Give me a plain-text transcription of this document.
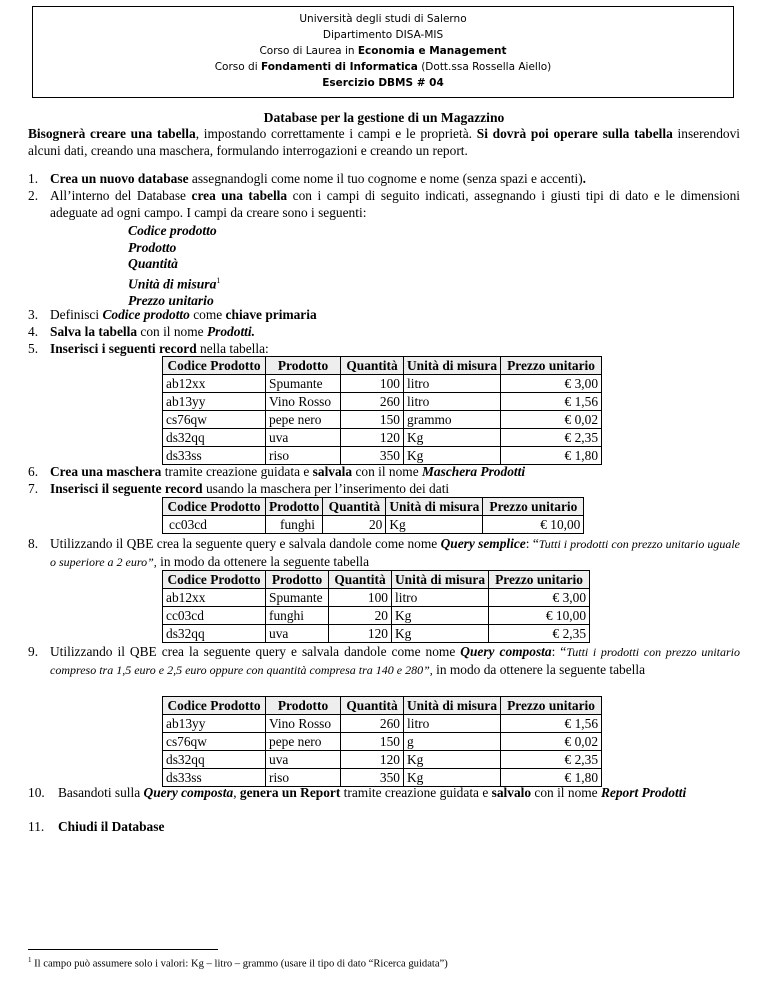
Università degli studi di Salerno
Dipartimento DISA-MIS
Corso di Laurea in Economia e Management
Corso di Fondamenti di Informatica (Dott.ssa Rossella Aiello)
Esercizio DBMS # 04
Database per la gestione di un Magazzino
Bisognerà creare una tabella, impostando correttamente i campi e le proprietà. Si dovrà poi operare sulla tabella inserendovi alcuni dati, creando una maschera, formulando interrogazioni e creando un report.
1. Crea un nuovo database assegnandogli come nome il tuo cognome e nome (senza spazi e accenti).
2. All’interno del Database crea una tabella con i campi di seguito indicati, assegnando i giusti tipi di dato e le dimensioni adeguate ad ogni campo. I campi da creare sono i seguenti:
Codice prodotto
Prodotto
Quantità
Unità di misura$^1$
Prezzo unitario
3. Definisci Codice prodotto come chiave primaria
4. Salva la tabella con il nome Prodotti.
5. Inserisci i seguenti record nella tabella:
Codice Prodotto	Prodotto	Quantità	Unità di misura	Prezzo unitario
ab12xx	Spumante	100	litro	€ 3,00
ab13yy	Vino Rosso	260	litro	€ 1,56
cs76qw	pepe nero	150	grammo	€ 0,02
ds32qq	uva	120	Kg	€ 2,35
ds33ss	riso	350	Kg	€ 1,80
6. Crea una maschera tramite creazione guidata e salvala con il nome Maschera Prodotti
7. Inserisci il seguente record usando la maschera per l’inserimento dei dati
Codice Prodotto	Prodotto	Quantità	Unità di misura	Prezzo unitario
cc03cd	funghi	20	Kg	€ 10,00
8. Utilizzando il QBE crea la seguente query e salvala dandole come nome Query semplice: “Tutti i prodotti con prezzo unitario uguale o superiore a 2 euro”, in modo da ottenere la seguente tabella
Codice Prodotto	Prodotto	Quantità	Unità di misura	Prezzo unitario
ab12xx	Spumante	100	litro	€ 3,00
cc03cd	funghi	20	Kg	€ 10,00
ds32qq	uva	120	Kg	€ 2,35
9. Utilizzando il QBE crea la seguente query e salvala dandole come nome Query composta: “Tutti i prodotti con prezzo unitario compreso tra 1,5 euro e 2,5 euro oppure con quantità compresa tra 140 e 280”, in modo da ottenere la seguente tabella
Codice Prodotto	Prodotto	Quantità	Unità di misura	Prezzo unitario
ab13yy	Vino Rosso	260	litro	€ 1,56
cs76qw	pepe nero	150	g	€ 0,02
ds32qq	uva	120	Kg	€ 2,35
ds33ss	riso	350	Kg	€ 1,80
10. Basandoti sulla Query composta, genera un Report tramite creazione guidata e salvalo con il nome Report Prodotti
11.	Chiudi il Database
$^1$ Il campo può assumere solo i valori: Kg – litro – grammo (usare il tipo di dato “Ricerca guidata”)
